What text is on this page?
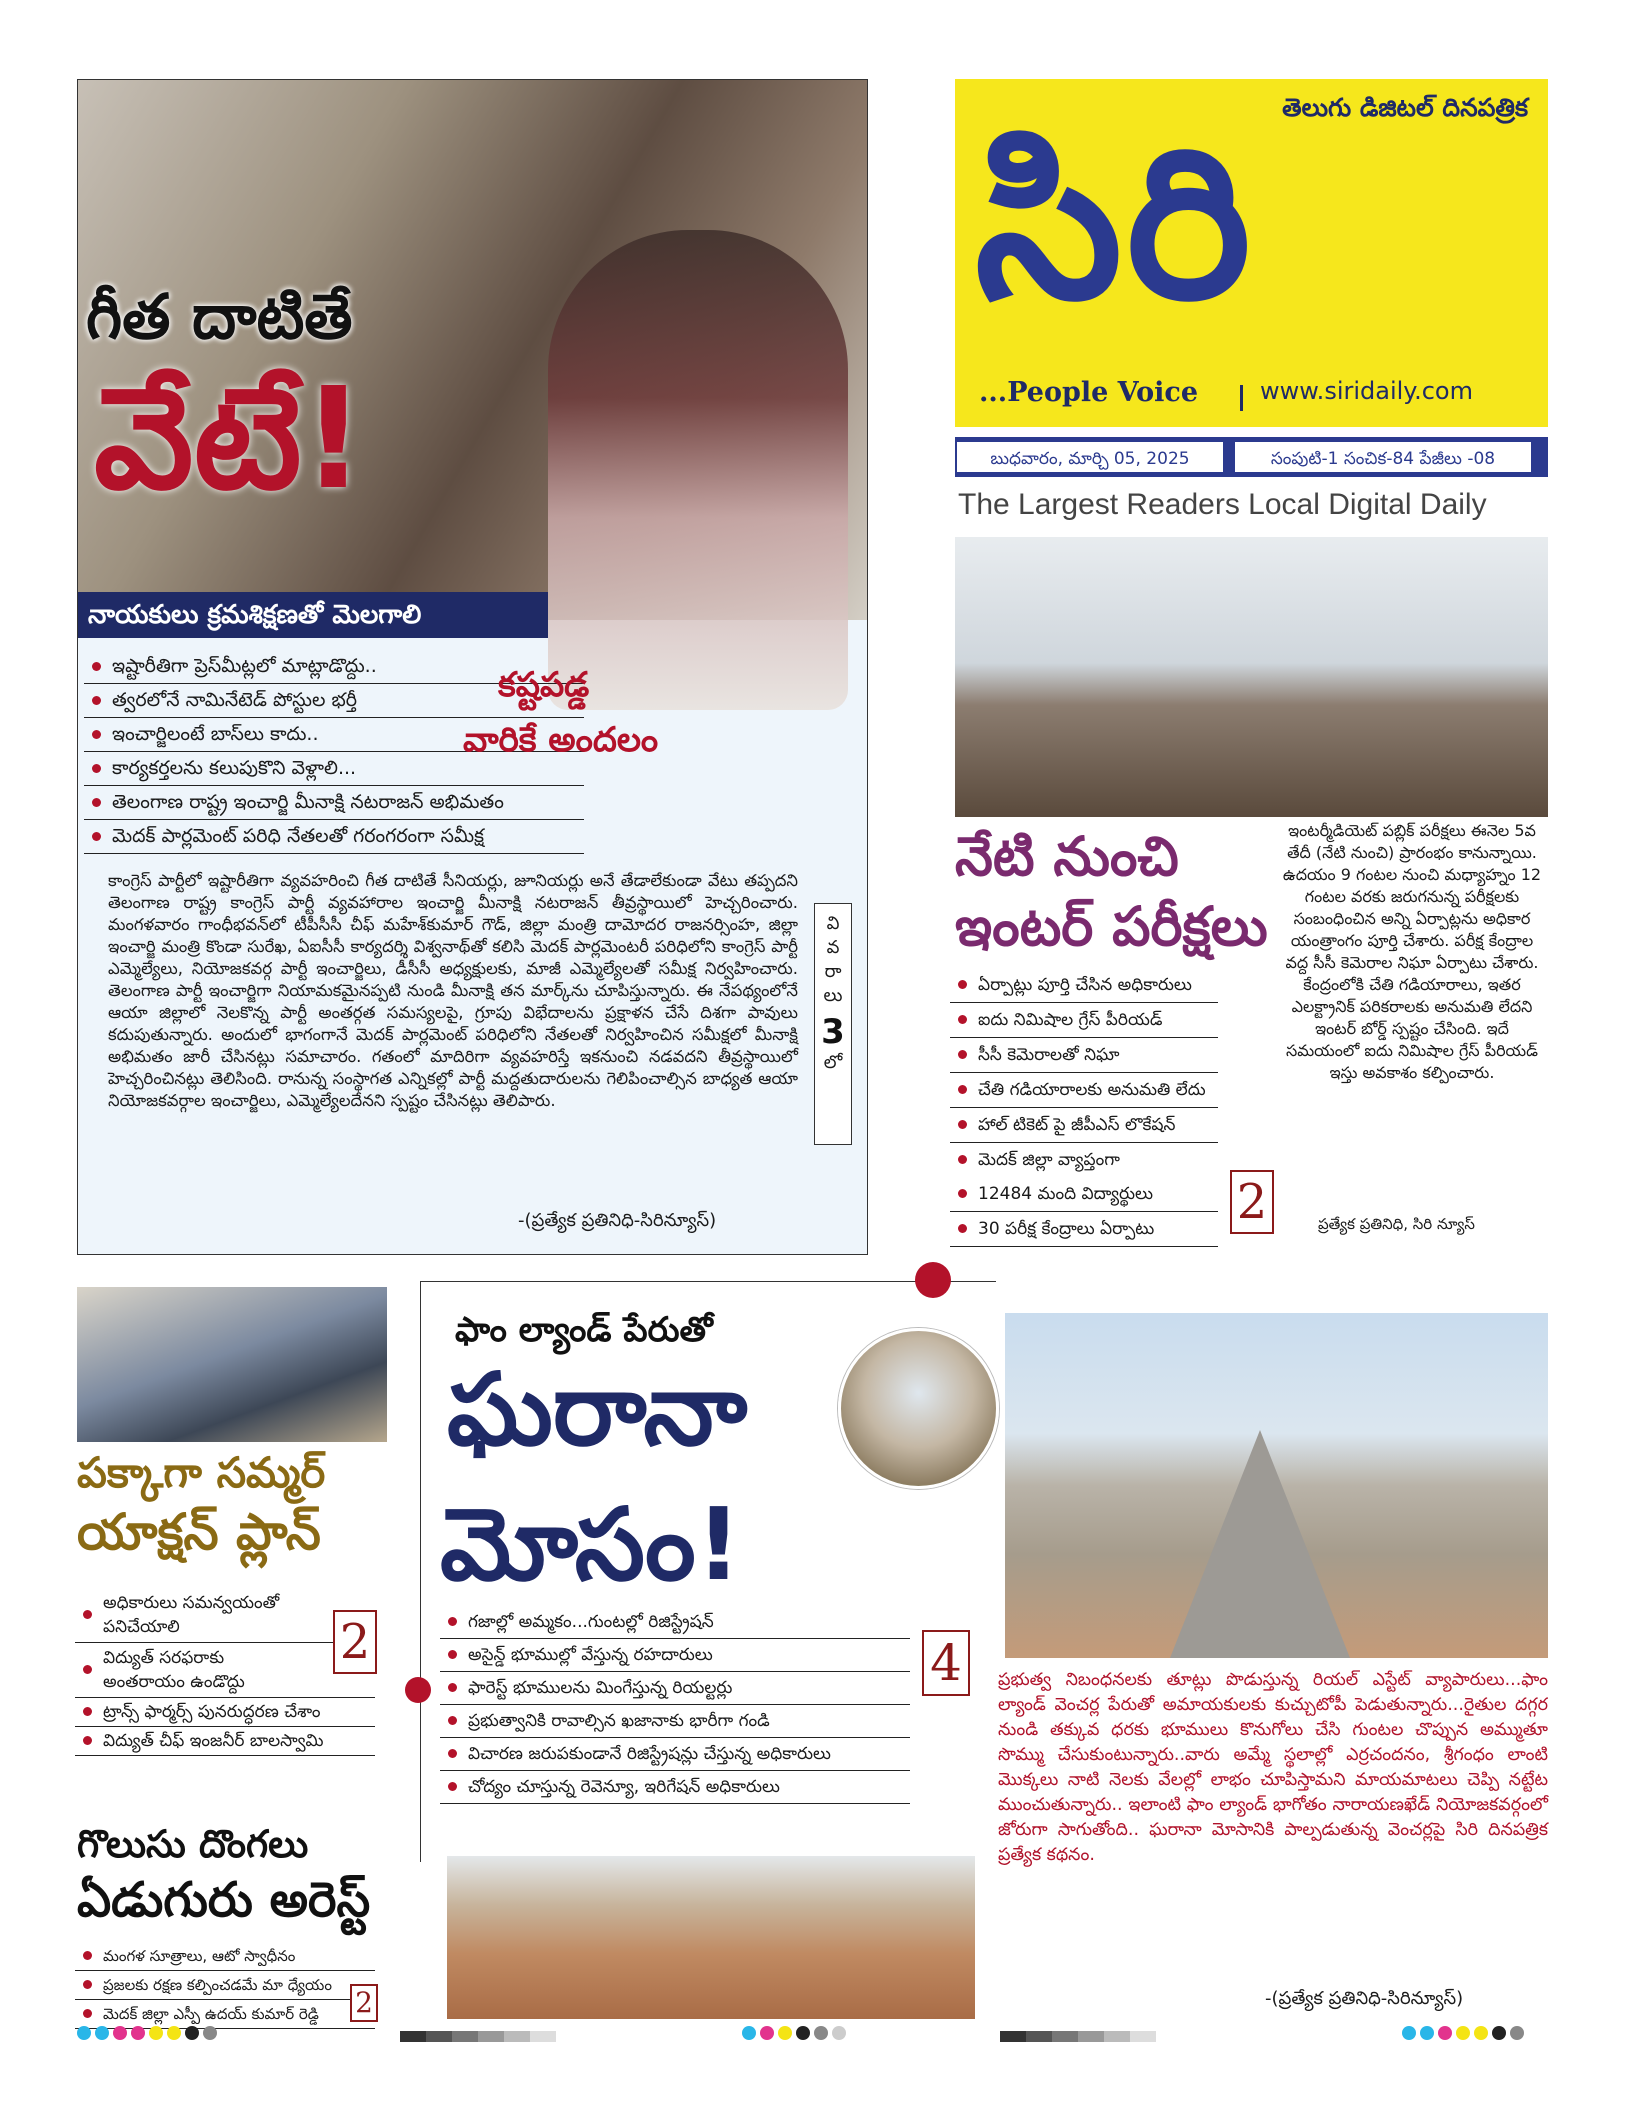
గీత దాటితే
వేటే!
నాయకులు క్రమశిక్షణతో మెలగాలి
ఇష్టారీతిగా ప్రెస్‌మీట్లలో మాట్లాడొద్దు..
త్వరలోనే నామినేటెడ్ పోస్టుల భర్తీ
ఇంచార్జిలంటే బాస్‌లు కాదు..
కార్యకర్తలను కలుపుకొని వెళ్లాలి...
తెలంగాణ రాష్ట్ర ఇంచార్జి మీనాక్షి నటరాజన్ అభిమతం
మెదక్ పార్లమెంట్ పరిధి నేతలతో గరంగరంగా సమీక్ష
కష్టపడ్డ
వారికే అందలం
కాంగ్రెస్ పార్టీలో ఇష్టారీతిగా వ్యవహరించి గీత దాటితే సీనియర్లు, జూనియర్లు అనే తేడాలేకుండా వేటు తప్పదని తెలంగాణ రాష్ట్ర కాంగ్రెస్ పార్టీ వ్యవహారాల ఇంచార్జి మీనాక్షి నటరాజన్ తీవ్రస్థాయిలో హెచ్చరించారు. మంగళవారం గాంధీభవన్‌లో టీపీసీసీ చీఫ్ మహేశ్‌కుమార్ గౌడ్, జిల్లా మంత్రి దామోదర రాజనర్సింహ, జిల్లా ఇంచార్జి మంత్రి కొండా సురేఖ, ఏఐసీసీ కార్యదర్శి విశ్వనాథ్‌తో కలిసి మెదక్ పార్లమెంటరీ పరిధిలోని కాంగ్రెస్ పార్టీ ఎమ్మెల్యేలు, నియోజకవర్గ పార్టీ ఇంచార్జిలు, డీసీసీ అధ్యక్షులకు, మాజీ ఎమ్మెల్యేలతో సమీక్ష నిర్వహించారు. తెలంగాణ పార్టీ ఇంచార్జిగా నియామకమైనప్పటి నుండి మీనాక్షి తన మార్క్‌ను చూపిస్తున్నారు. ఈ నేపథ్యంలోనే ఆయా జిల్లాలో నెలకొన్న పార్టీ అంతర్గత సమస్యలపై, గ్రూపు విభేదాలను ప్రక్షాళన చేసే దిశగా పావులు కదుపుతున్నారు. అందులో భాగంగానే మెదక్ పార్లమెంట్ పరిధిలోని నేతలతో నిర్వహించిన సమీక్షలో మీనాక్షి అభిమతం జారీ చేసినట్లు సమాచారం. గతంలో మాదిరిగా వ్యవహరిస్తే ఇకనుంచి నడవదని తీవ్రస్థాయిలో హెచ్చరించినట్లు తెలిసింది. రానున్న సంస్థాగత ఎన్నికల్లో పార్టీ మద్దతుదారులను గెలిపించాల్సిన బాధ్యత ఆయా నియోజకవర్గాల ఇంచార్జిలు, ఎమ్మెల్యేలదేనని స్పష్టం చేసినట్లు తెలిపారు.
వి వ రా లు
3
లో
-(ప్రత్యేక ప్రతినిధి-సిరిన్యూస్)
తెలుగు డిజిటల్ దినపత్రిక
సిరి
...People Voice	www.siridaily.com
బుధవారం, మార్చి 05, 2025	సంపుటి-1 సంచిక-84 పేజీలు -08
The Largest Readers Local Digital Daily
నేటి నుంచి
ఇంటర్ పరీక్షలు
ఏర్పాట్లు పూర్తి చేసిన అధికారులు
ఐదు నిమిషాల గ్రేస్ పీరియడ్
సీసీ కెమెరాలతో నిఘా
చేతి గడియారాలకు అనుమతి లేదు
హాల్ టికెట్ పై జీపీఎస్ లొకేషన్
మెదక్ జిల్లా వ్యాప్తంగా
12484 మంది విద్యార్థులు
30 పరీక్ష కేంద్రాలు ఏర్పాటు	2
ఇంటర్మీడియెట్ పబ్లిక్ పరీక్షలు ఈనెల 5వ తేదీ (నేటి నుంచి) ప్రారంభం కానున్నాయి. ఉదయం 9 గంటల నుంచి మధ్యాహ్నం 12 గంటల వరకు జరుగనున్న పరీక్షలకు సంబంధించిన అన్ని ఏర్పాట్లను అధికార యంత్రాంగం పూర్తి చేశారు. పరీక్ష కేంద్రాల వద్ద సీసీ కెమెరాల నిఘా ఏర్పాటు చేశారు. కేంద్రంలోకి చేతి గడియారాలు, ఇతర ఎలక్ట్రానిక్ పరికరాలకు అనుమతి లేదని ఇంటర్ బోర్డ్ స్పష్టం చేసింది. ఇదే సమయంలో ఐదు నిమిషాల గ్రేస్ పీరియడ్ ఇస్తు అవకాశం కల్పించారు.
ప్రత్యేక ప్రతినిధి, సిరి న్యూస్
పక్కాగా సమ్మర్
యాక్షన్ ప్లాన్
అధికారులు సమన్వయంతో పనిచేయాలి
విద్యుత్ సరఫరాకు అంతరాయం ఉండొద్దు
ట్రాన్స్ ఫార్మర్స్ పునరుద్ధరణ చేశాం
విద్యుత్ చీఫ్ ఇంజనీర్ బాలస్వామి
2
గొలుసు దొంగలు
ఏడుగురు అరెస్ట్
మంగళ సూత్రాలు, ఆటో స్వాధీనం
ప్రజలకు రక్షణ కల్పించడమే మా ధ్యేయం
మెదక్ జిల్లా ఎస్పీ ఉదయ్ కుమార్ రెడ్డి	2
ఫాం ల్యాండ్ పేరుతో
ఘరానా
మోసం!
గజాల్లో అమ్మకం...గుంటల్లో రిజిస్ట్రేషన్
అసైన్డ్ భూముల్లో వేస్తున్న రహదారులు
ఫారెస్ట్ భూములను మింగేస్తున్న రియల్టర్లు
ప్రభుత్వానికి రావాల్సిన ఖజానాకు భారీగా గండి
విచారణ జరుపకుండానే రిజిస్ట్రేషన్లు చేస్తున్న అధికారులు
చోద్యం చూస్తున్న రెవెన్యూ, ఇరిగేషన్ అధికారులు
4	ప్రభుత్వ నిబంధనలకు తూట్లు పొడుస్తున్న రియల్ ఎస్టేట్ వ్యాపారులు...ఫాం ల్యాండ్ వెంచర్ల పేరుతో అమాయకులకు కుచ్చుటోపీ పెడుతున్నారు...రైతుల దగ్గర నుండి తక్కువ ధరకు భూములు కొనుగోలు చేసి గుంటల చొప్పున అమ్ముతూ సొమ్ము చేసుకుంటున్నారు..వారు అమ్మే స్థలాల్లో ఎర్రచందనం, శ్రీగంధం లాంటి మొక్కలు నాటి నెలకు వేలల్లో లాభం చూపిస్తామని మాయమాటలు చెప్పి నట్టేట ముంచుతున్నారు.. ఇలాంటి ఫాం ల్యాండ్ భాగోతం నారాయణఖేడ్ నియోజకవర్గంలో జోరుగా సాగుతోంది.. ఘరానా మోసానికి పాల్పడుతున్న వెంచర్లపై సిరి దినపత్రిక ప్రత్యేక కథనం.
-(ప్రత్యేక ప్రతినిధి-సిరిన్యూస్)
